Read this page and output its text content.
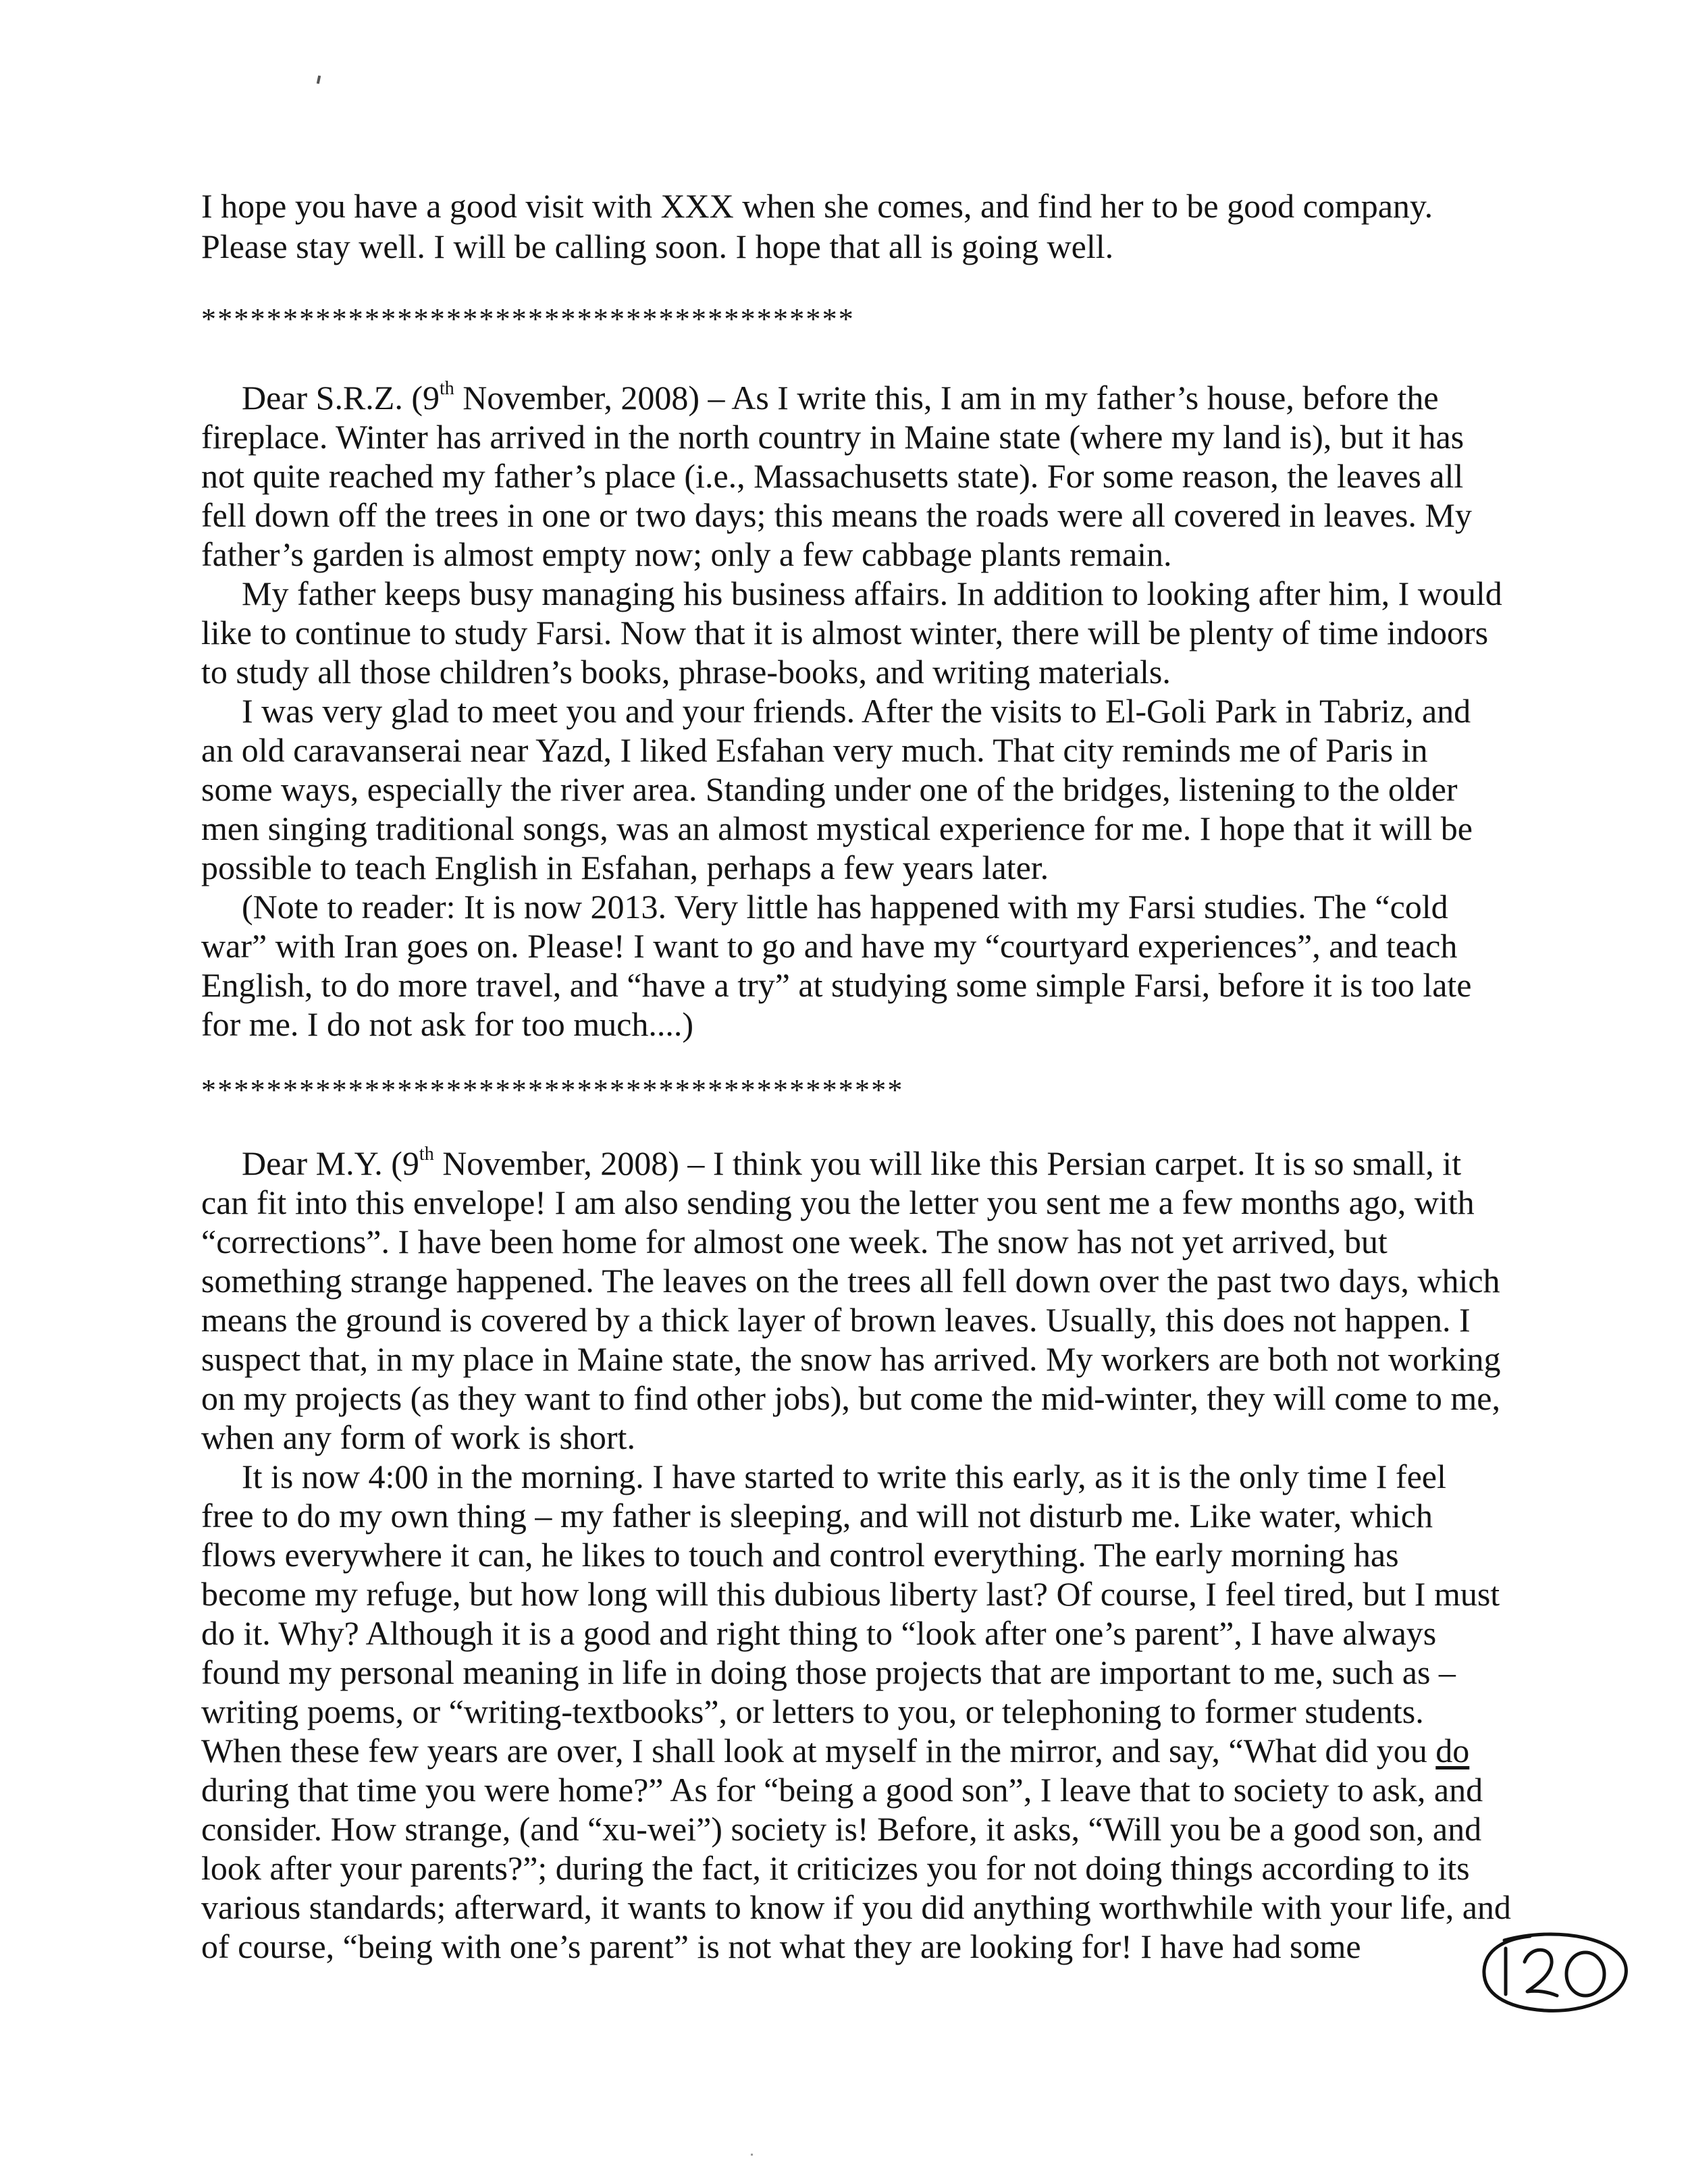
I hope you have a good visit with XXX when she comes, and find her to be good company.
Please stay well. I will be calling soon. I hope that all is going well.
****************************************
Dear S.R.Z. (9th November, 2008) – As I write this, I am in my father’s house, before the
fireplace. Winter has arrived in the north country in Maine state (where my land is), but it has
not quite reached my father’s place (i.e., Massachusetts state). For some reason, the leaves all
fell down off the trees in one or two days; this means the roads were all covered in leaves. My
father’s garden is almost empty now; only a few cabbage plants remain.
My father keeps busy managing his business affairs. In addition to looking after him, I would
like to continue to study Farsi. Now that it is almost winter, there will be plenty of time indoors
to study all those children’s books, phrase-books, and writing materials.
I was very glad to meet you and your friends. After the visits to El-Goli Park in Tabriz, and
an old caravanserai near Yazd, I liked Esfahan very much. That city reminds me of Paris in
some ways, especially the river area. Standing under one of the bridges, listening to the older
men singing traditional songs, was an almost mystical experience for me. I hope that it will be
possible to teach English in Esfahan, perhaps a few years later.
(Note to reader: It is now 2013. Very little has happened with my Farsi studies. The “cold
war” with Iran goes on. Please! I want to go and have my “courtyard experiences”, and teach
English, to do more travel, and “have a try” at studying some simple Farsi, before it is too late
for me. I do not ask for too much....)
*******************************************
Dear M.Y. (9th November, 2008) – I think you will like this Persian carpet. It is so small, it
can fit into this envelope! I am also sending you the letter you sent me a few months ago, with
“corrections”. I have been home for almost one week. The snow has not yet arrived, but
something strange happened. The leaves on the trees all fell down over the past two days, which
means the ground is covered by a thick layer of brown leaves. Usually, this does not happen. I
suspect that, in my place in Maine state, the snow has arrived. My workers are both not working
on my projects (as they want to find other jobs), but come the mid-winter, they will come to me,
when any form of work is short.
It is now 4:00 in the morning. I have started to write this early, as it is the only time I feel
free to do my own thing – my father is sleeping, and will not disturb me. Like water, which
flows everywhere it can, he likes to touch and control everything. The early morning has
become my refuge, but how long will this dubious liberty last? Of course, I feel tired, but I must
do it. Why? Although it is a good and right thing to “look after one’s parent”, I have always
found my personal meaning in life in doing those projects that are important to me, such as –
writing poems, or “writing-textbooks”, or letters to you, or telephoning to former students.
When these few years are over, I shall look at myself in the mirror, and say, “What did you do
during that time you were home?” As for “being a good son”, I leave that to society to ask, and
consider. How strange, (and “xu-wei”) society is! Before, it asks, “Will you be a good son, and
look after your parents?”; during the fact, it criticizes you for not doing things according to its
various standards; afterward, it wants to know if you did anything worthwhile with your life, and
of course, “being with one’s parent” is not what they are looking for! I have had some
